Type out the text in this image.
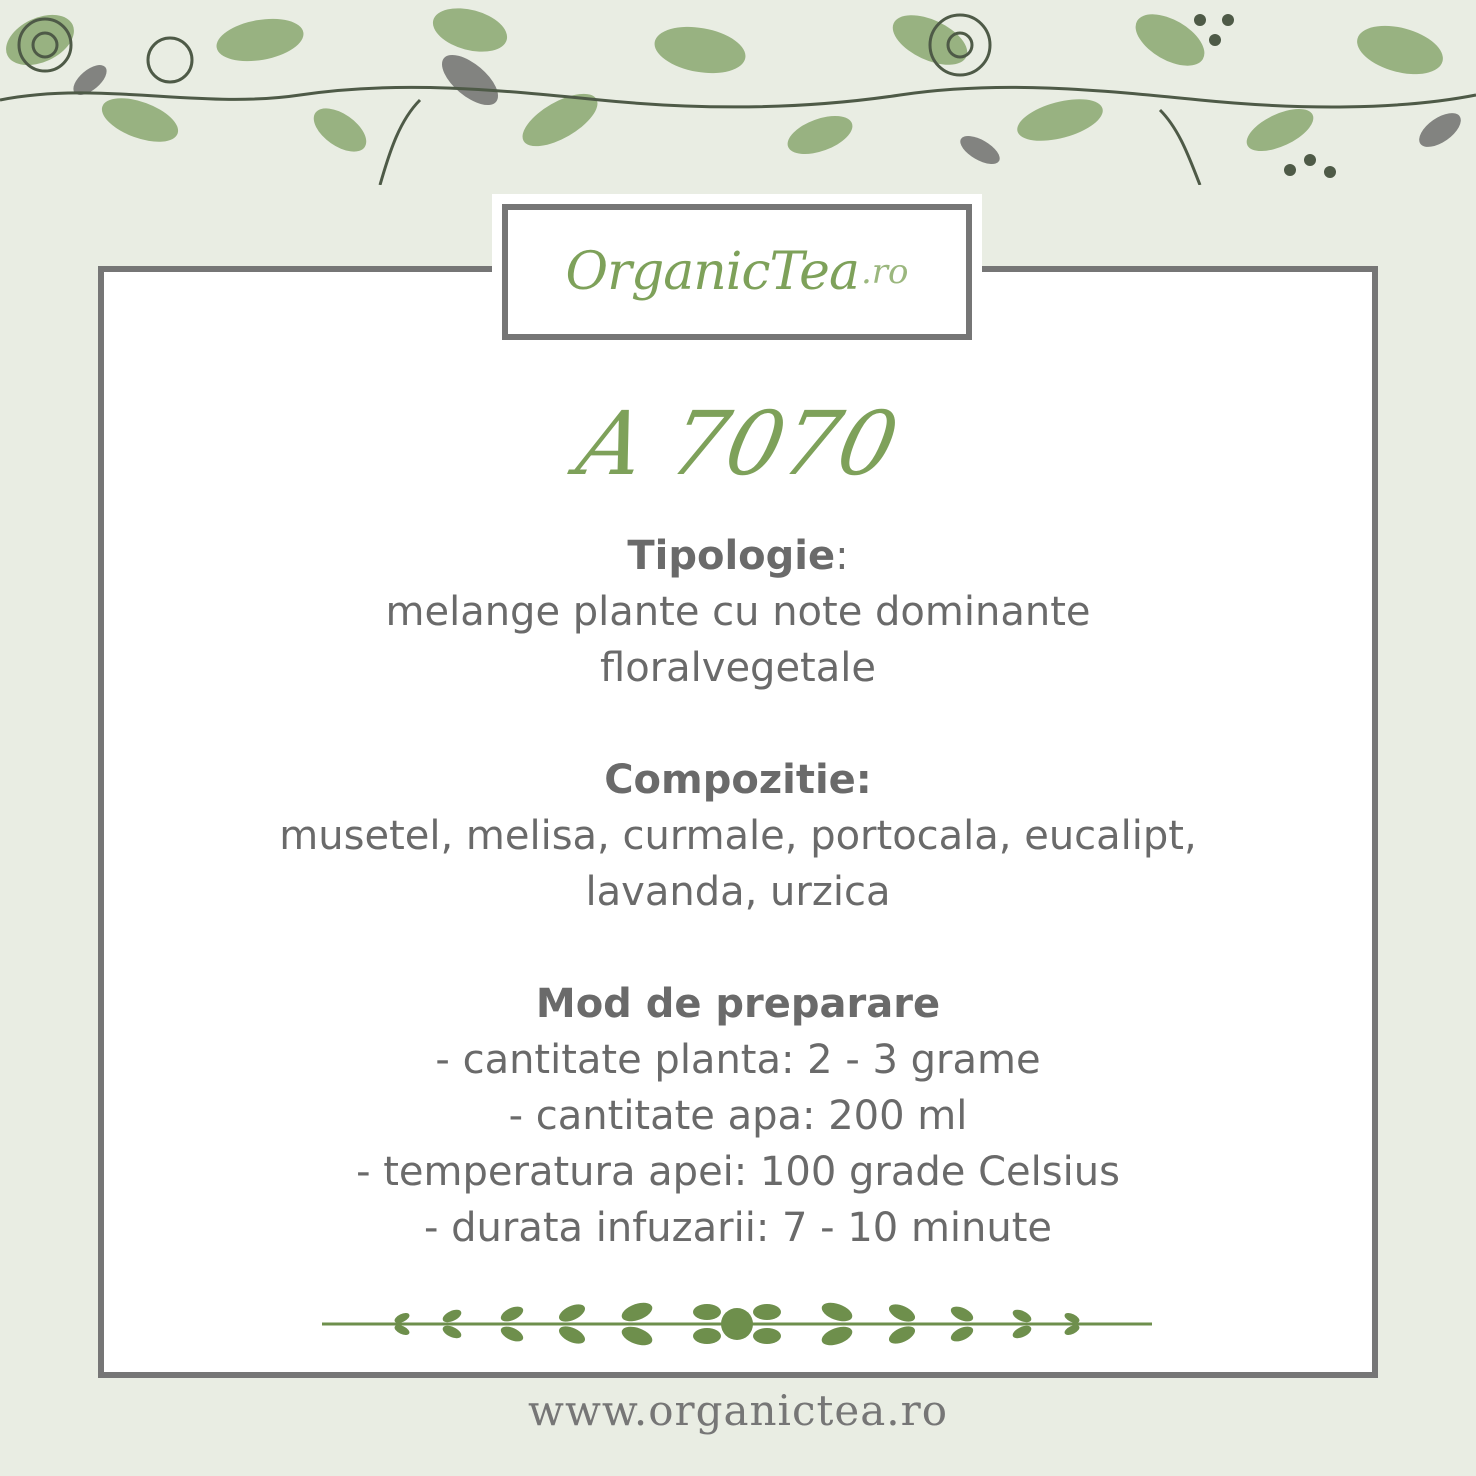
OrganicTea .ro
A 7070
Tipologie:
melange plante cu note dominante
floralvegetale
Compozitie:
musetel, melisa, curmale, portocala, eucalipt,
lavanda, urzica
Mod de preparare
- cantitate planta: 2 - 3 grame
- cantitate apa: 200 ml
- temperatura apei: 100 grade Celsius
- durata infuzarii: 7 - 10 minute
www.organictea.ro
